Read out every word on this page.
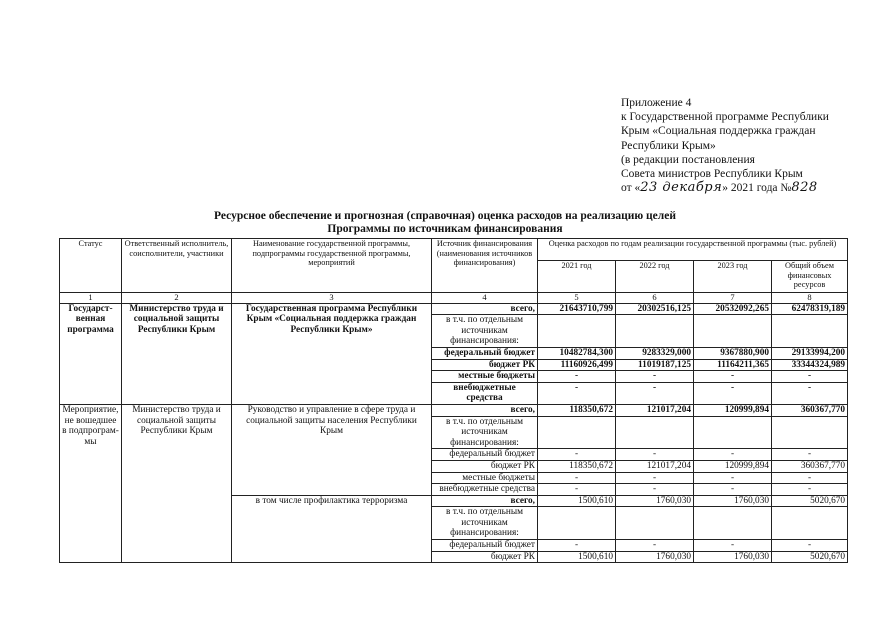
Приложение 4
к Государственной программе Республики
Крым «Социальная поддержка граждан
Республики Крым»
(в редакции постановления
Совета министров Республики Крым
от «23 декабря» 2021 года №828
Ресурсное обеспечение и прогнозная (справочная) оценка расходов на реализацию целей
Программы по источникам финансирования
Статус	Ответственный исполнитель, соисполнители, участники	Наименование государственной программы, подпрограммы государственной программы, мероприятий	Источник финансирования (наименования источников финансирования)	Оценка расходов по годам реализации государственной программы (тыс. рублей)			
				2021 год	2022 год	2023 год	Общий объем финансовых ресурсов
1	2	3	4	5	6	7	8
Государст-венная программа	Министерство труда и социальной защиты Республики Крым	Государственная программа Республики Крым «Социальная поддержка граждан Республики Крым»	всего,	21643710,799	20302516,125	20532092,265	62478319,189
			в т.ч. по отдельным источникам финансирования:				
			федеральный бюджет	10482784,300	9283329,000	9367880,900	29133994,200
			бюджет РК	11160926,499	11019187,125	11164211,365	33344324,989
			местные бюджеты	-	-	-	-
			внебюджетные средства	-	-	-	-
Мероприятие, не вошедшее в подпрограм-мы	Министерство труда и социальной защиты Республики Крым	Руководство и управление в сфере труда и социальной защиты населения Республики Крым	всего,	118350,672	121017,204	120999,894	360367,770
			в т.ч. по отдельным источникам финансирования:				
			федеральный бюджет	-	-	-	-
			бюджет РК	118350,672	121017,204	120999,894	360367,770
			местные бюджеты	-	-	-	-
			внебюджетные средства	-	-	-	-
		в том числе профилактика терроризма	всего,	1500,610	1760,030	1760,030	5020,670
			в т.ч. по отдельным источникам финансирования:				
			федеральный бюджет	-	-	-	-
			бюджет РК	1500,610	1760,030	1760,030	5020,670
